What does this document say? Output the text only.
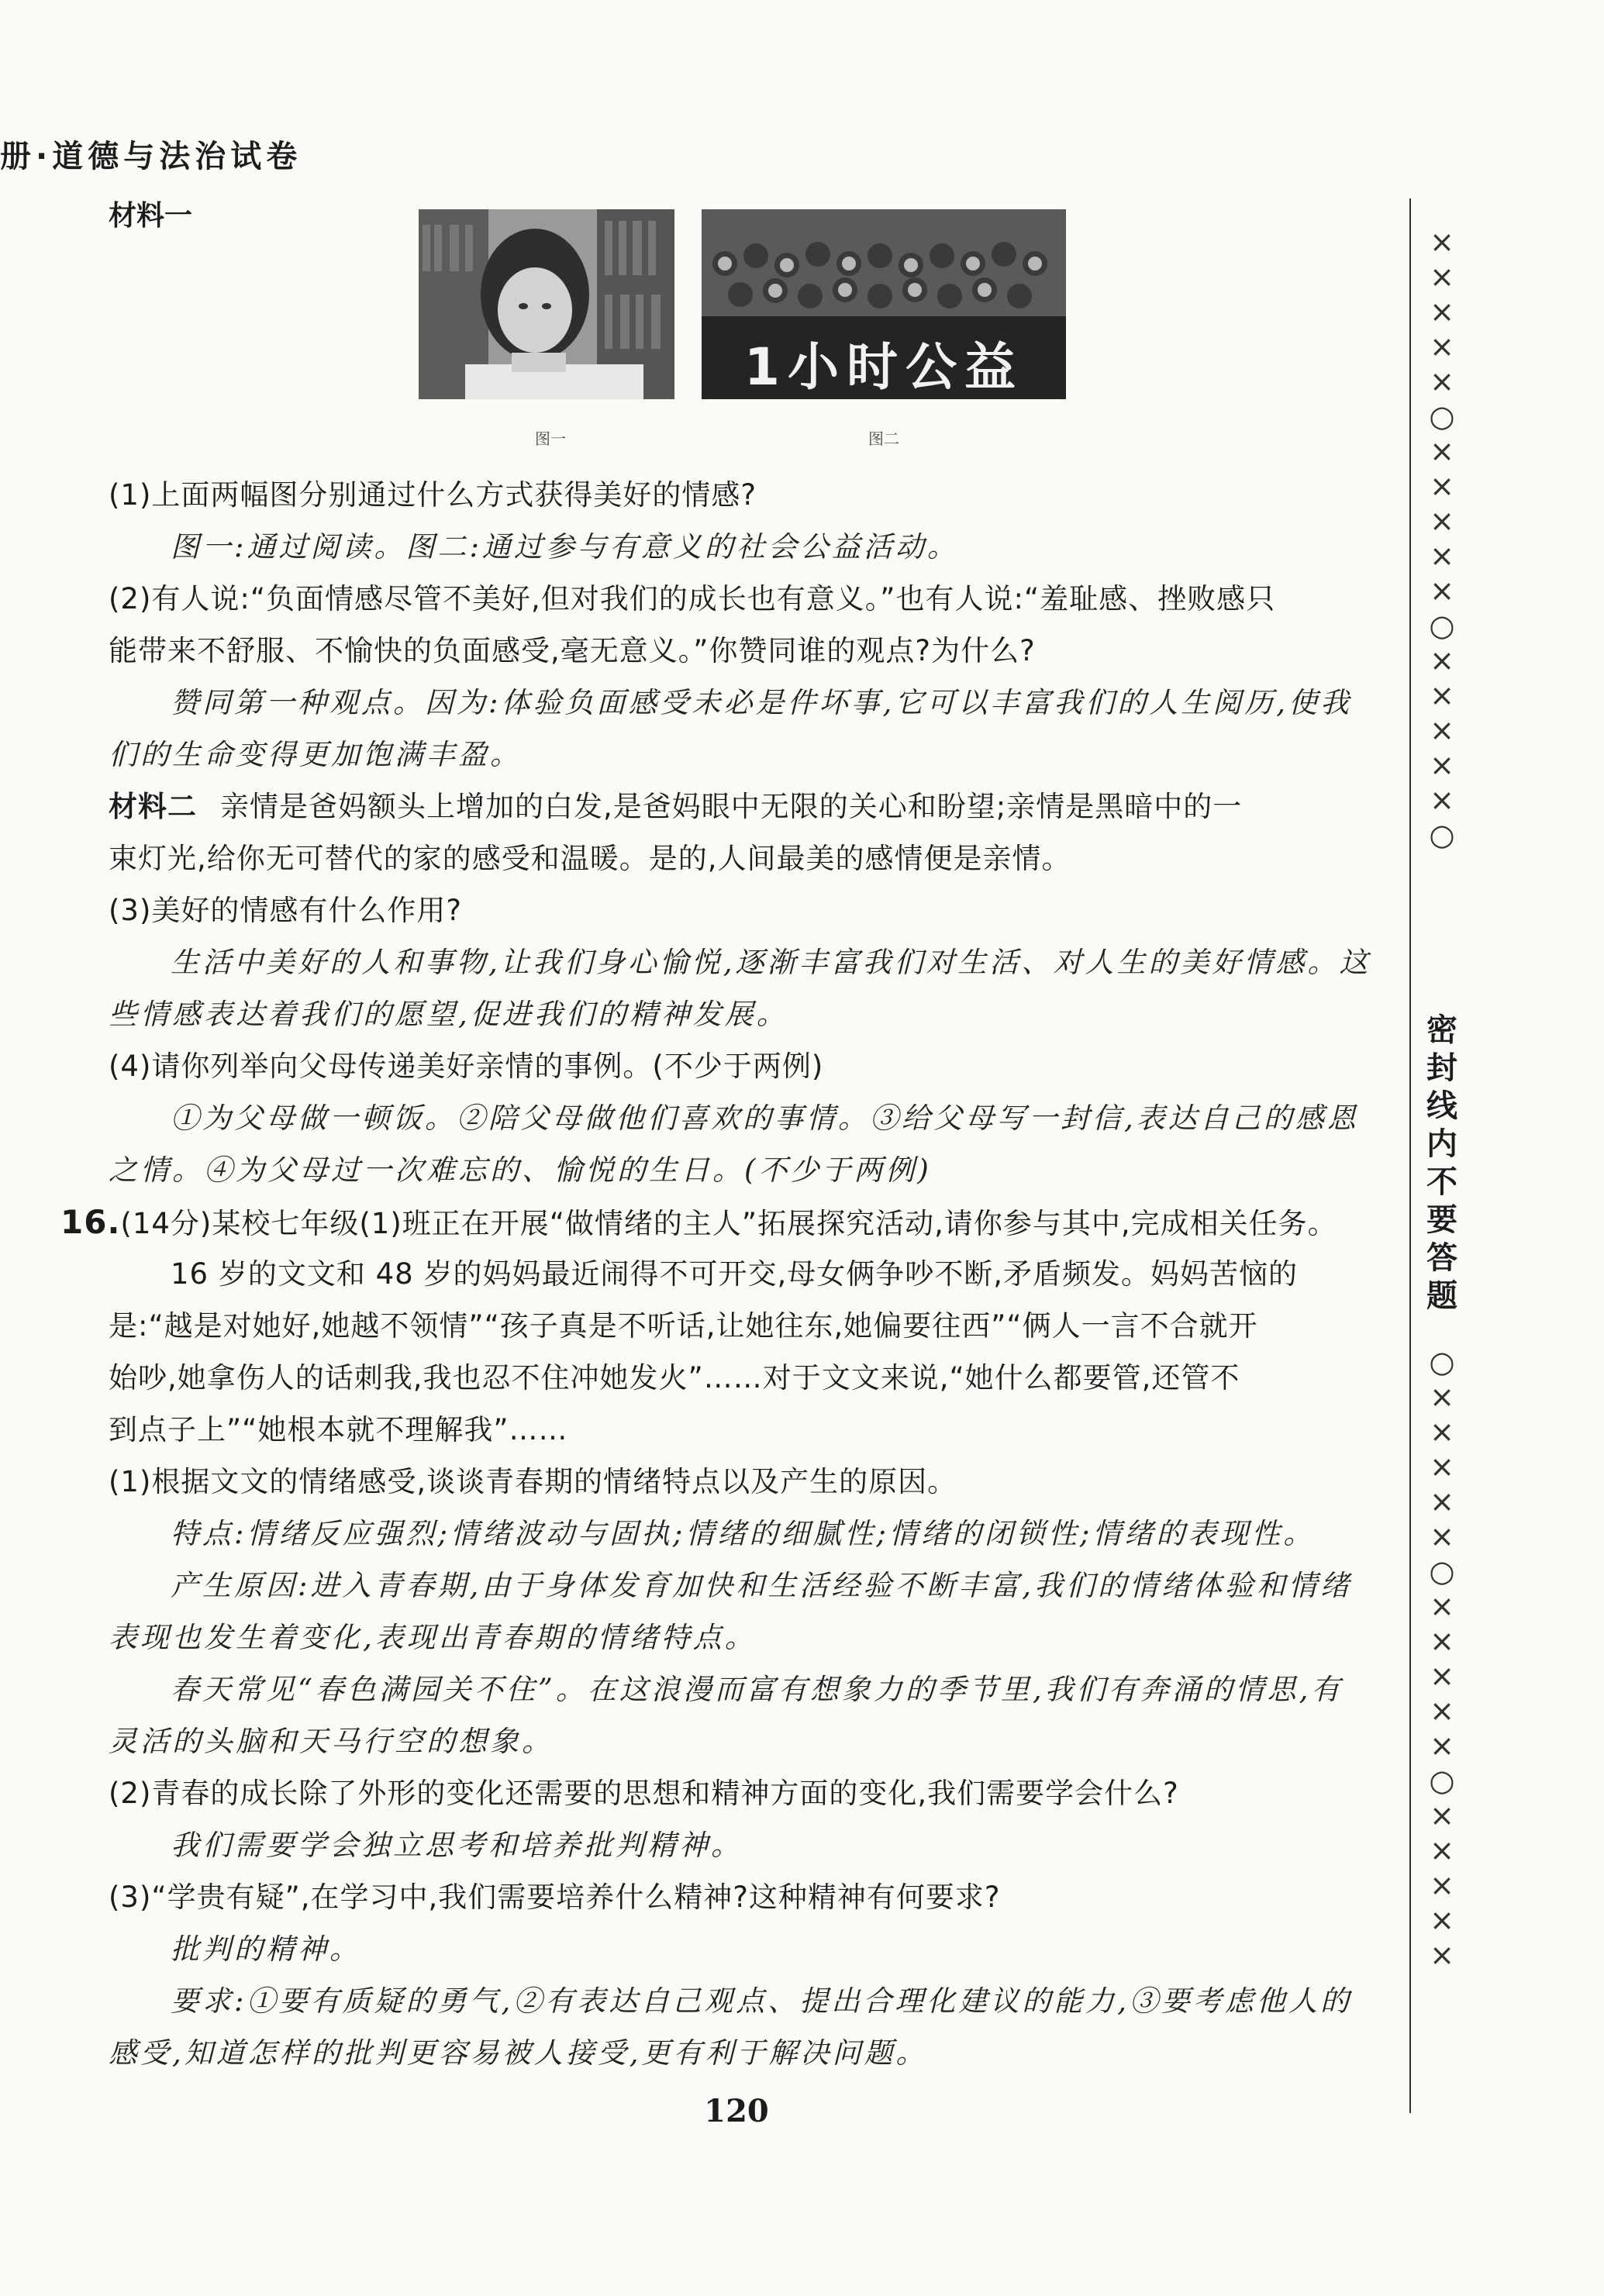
册·道德与法治试卷
材料一
1小时公益
图一	图二
(1)上面两幅图分别通过什么方式获得美好的情感?
图一:通过阅读。图二:通过参与有意义的社会公益活动。
(2)有人说:“负面情感尽管不美好,但对我们的成长也有意义。”也有人说:“羞耻感、挫败感只
能带来不舒服、不愉快的负面感受,毫无意义。”你赞同谁的观点?为什么?
赞同第一种观点。因为:体验负面感受未必是件坏事,它可以丰富我们的人生阅历,使我
们的生命变得更加饱满丰盈。
材料二 亲情是爸妈额头上增加的白发,是爸妈眼中无限的关心和盼望;亲情是黑暗中的一
束灯光,给你无可替代的家的感受和温暖。是的,人间最美的感情便是亲情。
(3)美好的情感有什么作用?
生活中美好的人和事物,让我们身心愉悦,逐渐丰富我们对生活、对人生的美好情感。这
些情感表达着我们的愿望,促进我们的精神发展。
(4)请你列举向父母传递美好亲情的事例。(不少于两例)
①为父母做一顿饭。②陪父母做他们喜欢的事情。③给父母写一封信,表达自己的感恩
之情。④为父母过一次难忘的、愉悦的生日。(不少于两例)
16.(14分)某校七年级(1)班正在开展“做情绪的主人”拓展探究活动,请你参与其中,完成相关任务。
16 岁的文文和 48 岁的妈妈最近闹得不可开交,母女俩争吵不断,矛盾频发。妈妈苦恼的
是:“越是对她好,她越不领情”“孩子真是不听话,让她往东,她偏要往西”“俩人一言不合就开
始吵,她拿伤人的话刺我,我也忍不住冲她发火”……对于文文来说,“她什么都要管,还管不
到点子上”“她根本就不理解我”……
(1)根据文文的情绪感受,谈谈青春期的情绪特点以及产生的原因。
特点:情绪反应强烈;情绪波动与固执;情绪的细腻性;情绪的闭锁性;情绪的表现性。
产生原因:进入青春期,由于身体发育加快和生活经验不断丰富,我们的情绪体验和情绪
表现也发生着变化,表现出青春期的情绪特点。
春天常见“春色满园关不住”。在这浪漫而富有想象力的季节里,我们有奔涌的情思,有
灵活的头脑和天马行空的想象。
(2)青春的成长除了外形的变化还需要的思想和精神方面的变化,我们需要学会什么?
我们需要学会独立思考和培养批判精神。
(3)“学贵有疑”,在学习中,我们需要培养什么精神?这种精神有何要求?
批判的精神。
要求:①要有质疑的勇气,②有表达自己观点、提出合理化建议的能力,③要考虑他人的
感受,知道怎样的批判更容易被人接受,更有利于解决问题。
120
×××××○×××××○×××××○
密封线内不要答题
○×××××○×××××○×××××
